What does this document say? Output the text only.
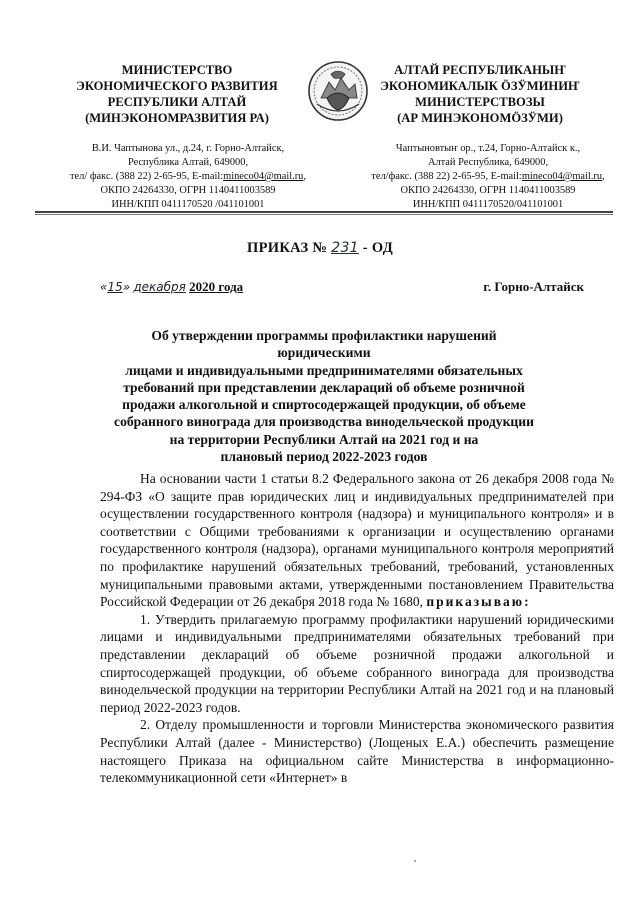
МИНИСТЕРСТВО
ЭКОНОМИЧЕСКОГО РАЗВИТИЯ
РЕСПУБЛИКИ АЛТАЙ
(МИНЭКОНОМРАЗВИТИЯ РА)
АЛТАЙ РЕСПУБЛИКАНЫҤ
ЭКОНОМИКАЛЫК ӦЗӰМИНИҤ
МИНИСТЕРСТВОЗЫ
(АР МИНЭКОНОМӦЗӰМИ)
В.И. Чаптынова ул., д.24, г. Горно-Алтайск,
Республика Алтай, 649000,
тел/ факс. (388 22) 2-65-95, E-mail:mineco04@mail.ru,
ОКПО 24264330, ОГРН 1140411003589
ИНН/КПП 0411170520 /041101001
Чаптыновтыҥ ор., т.24, Горно-Алтайск к.,
Алтай Республика, 649000,
тел/факс. (388 22) 2-65-95, E-mail:mineco04@mail.ru,
ОКПО 24264330, ОГРН 1140411003589
ИНН/КПП 0411170520/041101001
ПРИКАЗ № 231 - ОД
«15» декабря 2020 года	г. Горно-Алтайск
Об утверждении программы профилактики нарушений юридическими
лицами и индивидуальными предпринимателями обязательных
требований при представлении деклараций об объеме розничной
продажи алкогольной и спиртосодержащей продукции, об объеме
собранного винограда для производства винодельческой продукции
на территории Республики Алтай на 2021 год и на
плановый период 2022-2023 годов

На основании части 1 статьи 8.2 Федерального закона от 26 декабря 2008 года № 294-ФЗ «О защите прав юридических лиц и индивидуальных предпринимателей при осуществлении государственного контроля (надзора) и муниципального контроля» и в соответствии с Общими требованиями к организации и осуществлению органами государственного контроля (надзора), органами муниципального контроля мероприятий по профилактике нарушений обязательных требований, требований, установленных муниципальными правовыми актами, утвержденными постановлением Правительства Российской Федерации от 26 декабря 2018 года № 1680, приказываю:

1. Утвердить прилагаемую программу профилактики нарушений юридическими лицами и индивидуальными предпринимателями обязательных требований при представлении деклараций об объеме розничной продажи алкогольной и спиртосодержащей продукции, об объеме собранного винограда для производства винодельческой продукции на территории Республики Алтай на 2021 год и на плановый период 2022-2023 годов.

2. Отделу промышленности и торговли Министерства экономического развития Республики Алтай (далее - Министерство) (Лощеных Е.А.) обеспечить размещение настоящего Приказа на официальном сайте Министерства в информационно-телекоммуникационной сети «Интернет» в
